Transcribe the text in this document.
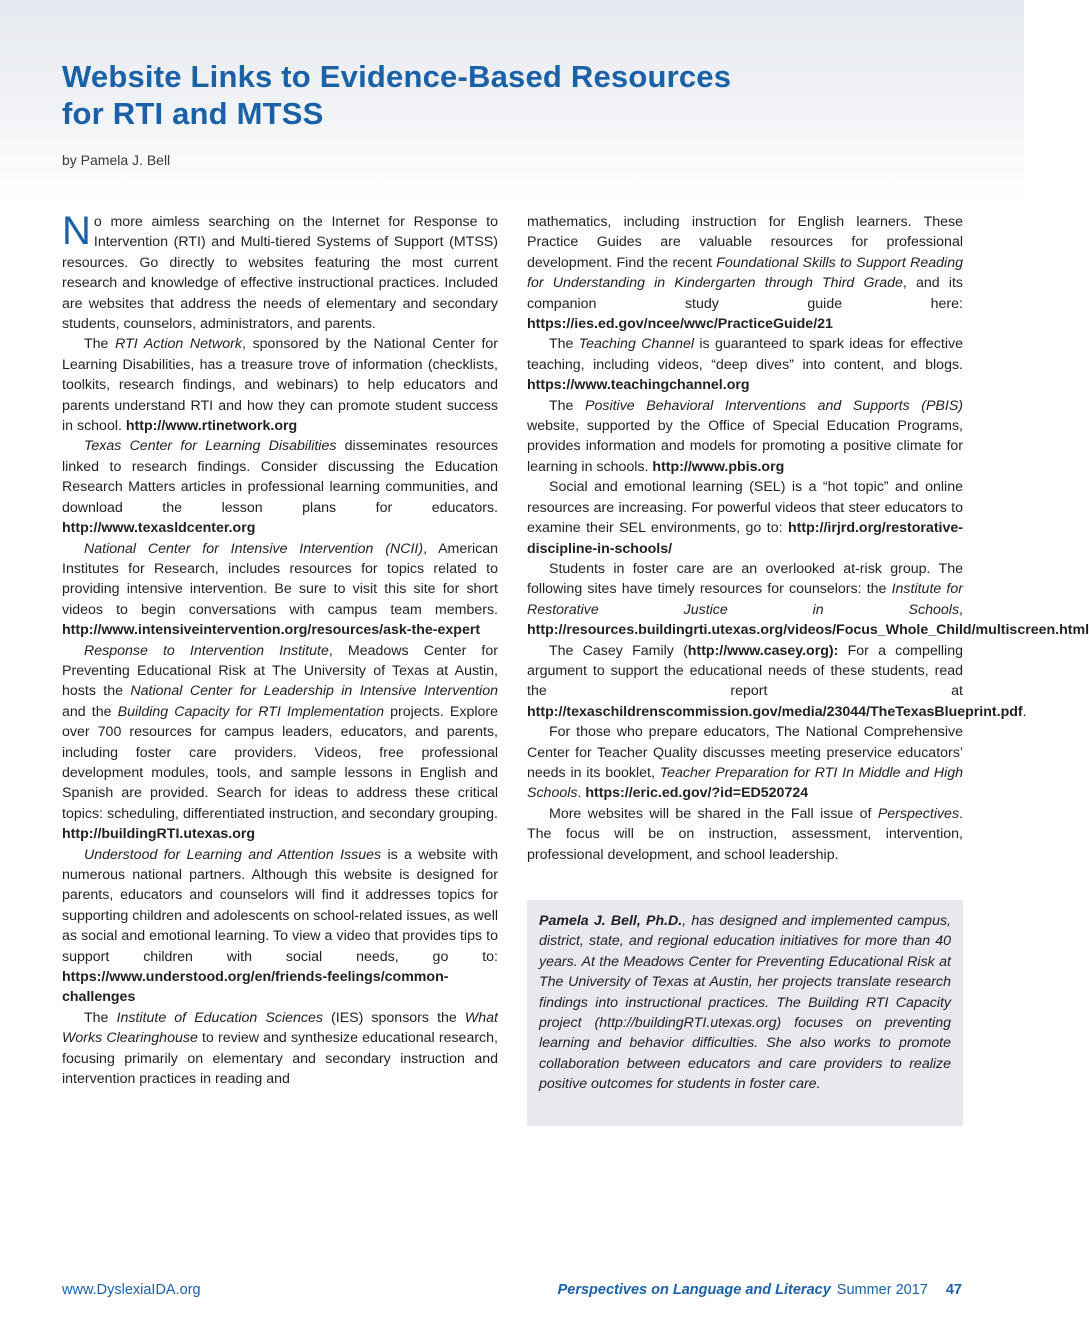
Website Links to Evidence-Based Resources
for RTI and MTSS
by Pamela J. Bell

No more aimless searching on the Internet for Response to Intervention (RTI) and Multi-tiered Systems of Support (MTSS) resources. Go directly to websites featuring the most current research and knowledge of effective instructional practices. Included are websites that address the needs of elementary and secondary students, counselors, administrators, and parents.

The RTI Action Network, sponsored by the National Center for Learning Disabilities, has a treasure trove of information (checklists, toolkits, research findings, and webinars) to help educators and parents understand RTI and how they can promote student success in school. http://www.rtinetwork.org

Texas Center for Learning Disabilities disseminates resources linked to research findings. Consider discussing the Education Research Matters articles in professional learning communities, and download the lesson plans for educators. http://www.texasldcenter.org

National Center for Intensive Intervention (NCII), American Institutes for Research, includes resources for topics related to providing intensive intervention. Be sure to visit this site for short videos to begin conversations with campus team members. http://www.intensiveintervention.org/resources/ask-the-expert

Response to Intervention Institute, Meadows Center for Preventing Educational Risk at The University of Texas at Austin, hosts the National Center for Leadership in Intensive Intervention and the Building Capacity for RTI Implementation projects. Explore over 700 resources for campus leaders, educators, and parents, including foster care providers. Videos, free professional development modules, tools, and sample lessons in English and Spanish are provided. Search for ideas to address these critical topics: scheduling, differentiated instruction, and secondary grouping. http://buildingRTI.utexas.org

Understood for Learning and Attention Issues is a website with numerous national partners. Although this website is designed for parents, educators and counselors will find it addresses topics for supporting children and adolescents on school-related issues, as well as social and emotional learning. To view a video that provides tips to support children with social needs, go to: https://www.understood.org/en/friends-feelings/common-challenges

The Institute of Education Sciences (IES) sponsors the What Works Clearinghouse to review and synthesize educational research, focusing primarily on elementary and secondary instruction and intervention practices in reading and

mathematics, including instruction for English learners. These Practice Guides are valuable resources for professional development. Find the recent Foundational Skills to Support Reading for Understanding in Kindergarten through Third Grade, and its companion study guide here: https://ies.ed.gov/ncee/wwc/PracticeGuide/21

The Teaching Channel is guaranteed to spark ideas for effective teaching, including videos, “deep dives” into content, and blogs. https://www.teachingchannel.org

The Positive Behavioral Interventions and Supports (PBIS) website, supported by the Office of Special Education Programs, provides information and models for promoting a positive climate for learning in schools. http://www.pbis.org

Social and emotional learning (SEL) is a “hot topic” and online resources are increasing. For powerful videos that steer educators to examine their SEL environments, go to: http://irjrd.org/restorative-discipline-in-schools/

Students in foster care are an overlooked at-risk group. The following sites have timely resources for counselors: the Institute for Restorative Justice in Schools, http://resources.buildingrti.utexas.org/videos/Focus_Whole_Child/multiscreen.html

The Casey Family (http://www.casey.org): For a compelling argument to support the educational needs of these students, read the report at http://texaschildrenscommission.gov/media/23044/TheTexasBlueprint.pdf.

For those who prepare educators, The National Comprehensive Center for Teacher Quality discusses meeting preservice educators’ needs in its booklet, Teacher Preparation for RTI In Middle and High Schools. https://eric.ed.gov/?id=ED520724

More websites will be shared in the Fall issue of Perspectives. The focus will be on instruction, assessment, intervention, professional development, and school leadership.

Pamela J. Bell, Ph.D., has designed and implemented campus, district, state, and regional education initiatives for more than 40 years. At the Meadows Center for Preventing Educational Risk at The University of Texas at Austin, her projects translate research findings into instructional practices. The Building RTI Capacity project (http://buildingRTI.utexas.org) focuses on preventing learning and behavior difficulties. She also works to promote collaboration between educators and care providers to realize positive outcomes for students in foster care.
www.DyslexiaIDA.org	Perspectives on Language and Literacy Summer 2017 47
